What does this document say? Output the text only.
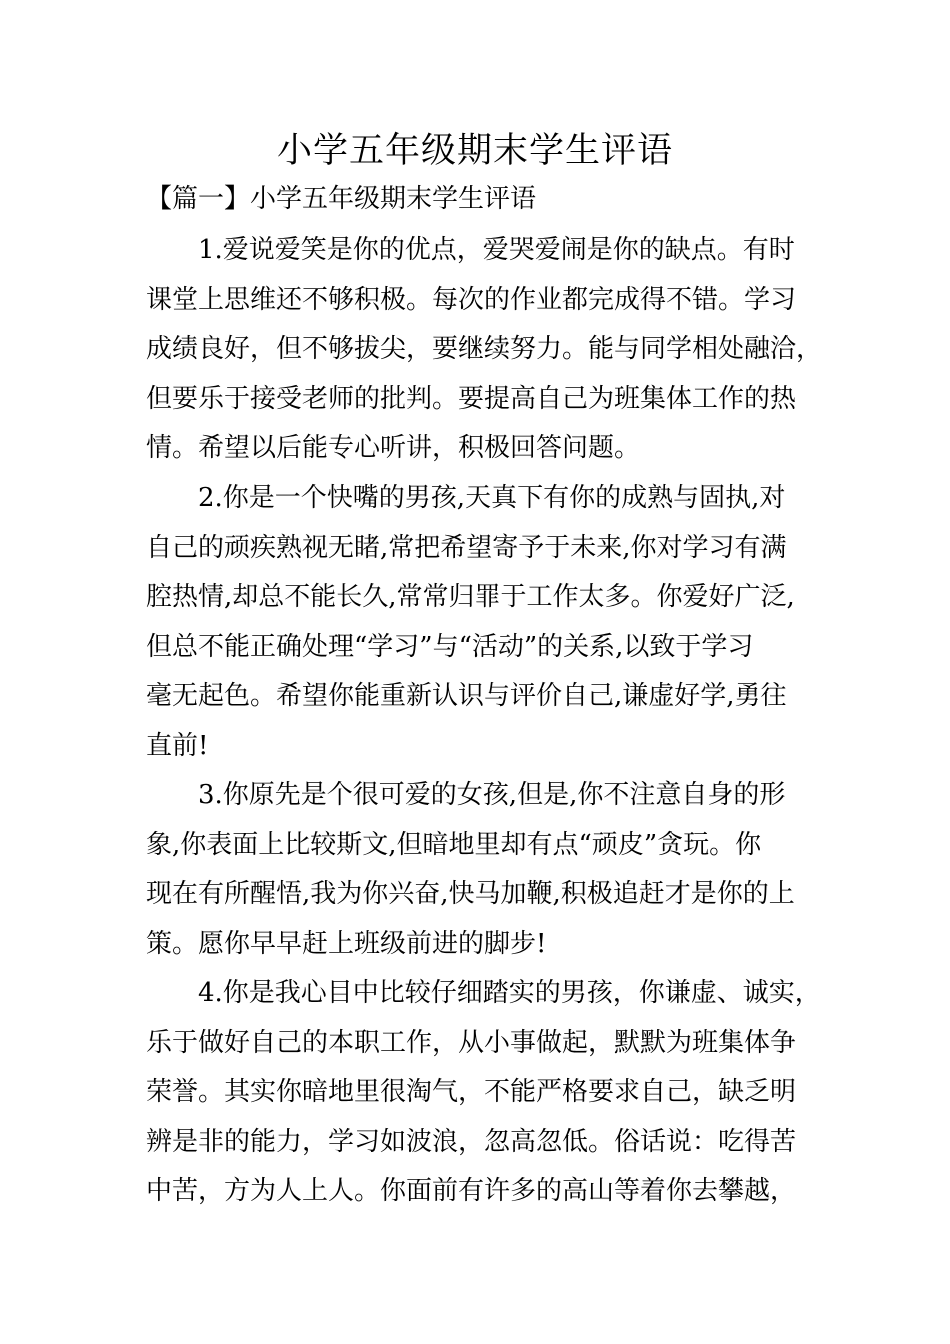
小学五年级期末学生评语
【篇一】小学五年级期末学生评语

1.爱说爱笑是你的优点，爱哭爱闹是你的缺点。有时
课堂上思维还不够积极。每次的作业都完成得不错。学习
成绩良好，但不够拔尖，要继续努力。能与同学相处融洽，
但要乐于接受老师的批判。要提高自己为班集体工作的热
情。希望以后能专心听讲，积极回答问题。

2.你是一个快嘴的男孩,天真下有你的成熟与固执,对
自己的顽疾熟视无睹,常把希望寄予于未来,你对学习有满
腔热情,却总不能长久,常常归罪于工作太多。你爱好广泛,
但总不能正确处理“学习”与“活动”的关系,以致于学习
毫无起色。希望你能重新认识与评价自己,谦虚好学,勇往
直前!

3.你原先是个很可爱的女孩,但是,你不注意自身的形
象,你表面上比较斯文,但暗地里却有点“顽皮”贪玩。你
现在有所醒悟,我为你兴奋,快马加鞭,积极追赶才是你的上
策。愿你早早赶上班级前进的脚步!

4.你是我心目中比较仔细踏实的男孩，你谦虚、诚实，
乐于做好自己的本职工作，从小事做起，默默为班集体争
荣誉。其实你暗地里很淘气，不能严格要求自己，缺乏明
辨是非的能力，学习如波浪，忽高忽低。俗话说：吃得苦
中苦，方为人上人。你面前有许多的高山等着你去攀越，
